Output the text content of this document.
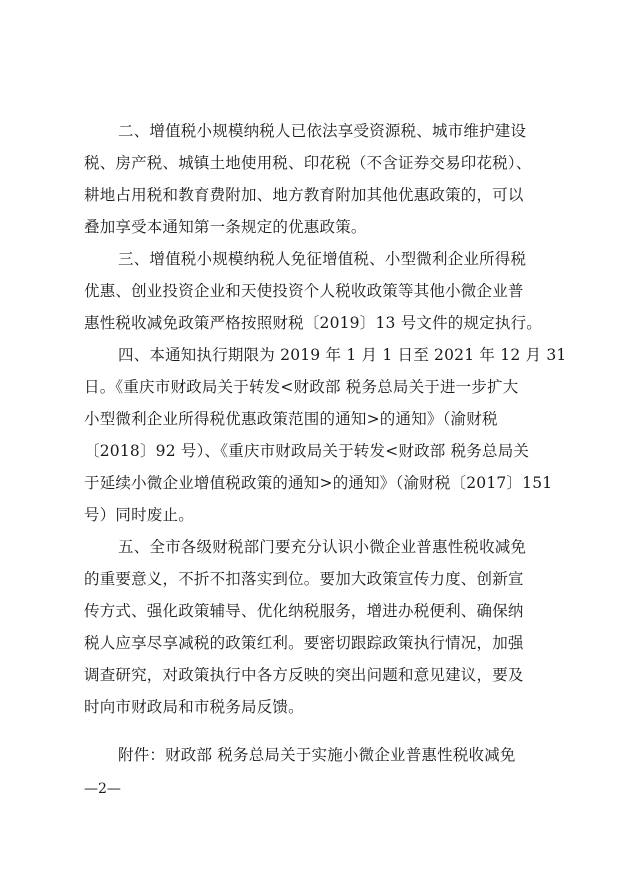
二、增值税小规模纳税人已依法享受资源税、城市维护建设
税、房产税、城镇土地使用税、印花税（不含证券交易印花税）、
耕地占用税和教育费附加、地方教育附加其他优惠政策的，可以
叠加享受本通知第一条规定的优惠政策。
三、增值税小规模纳税人免征增值税、小型微利企业所得税
优惠、创业投资企业和天使投资个人税收政策等其他小微企业普
惠性税收减免政策严格按照财税〔2019〕13 号文件的规定执行。
四、本通知执行期限为 2019 年 1 月 1 日至 2021 年 12 月 31
日。《重庆市财政局关于转发<财政部 税务总局关于进一步扩大
小型微利企业所得税优惠政策范围的通知>的通知》（渝财税
〔2018〕92 号）、《重庆市财政局关于转发<财政部 税务总局关
于延续小微企业增值税政策的通知>的通知》（渝财税〔2017〕151
号）同时废止。
五、全市各级财税部门要充分认识小微企业普惠性税收减免
的重要意义，不折不扣落实到位。要加大政策宣传力度、创新宣
传方式、强化政策辅导、优化纳税服务，增进办税便利、确保纳
税人应享尽享减税的政策红利。要密切跟踪政策执行情况，加强
调查研究，对政策执行中各方反映的突出问题和意见建议，要及
时向市财政局和市税务局反馈。
附件：财政部 税务总局关于实施小微企业普惠性税收减免
—2—
